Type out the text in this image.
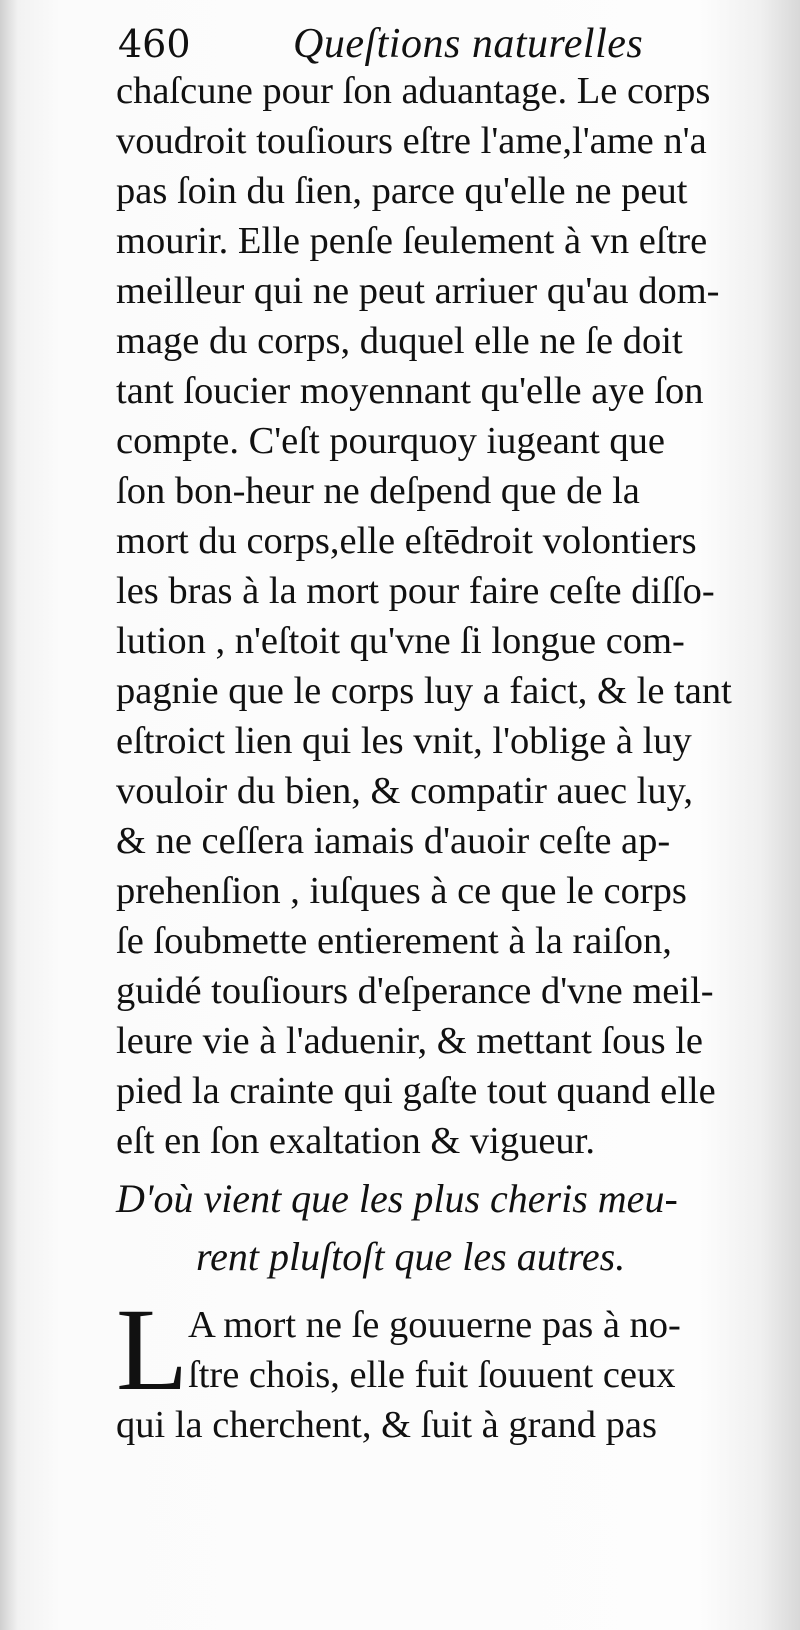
460 Queſtions naturelles
chaſcune pour ſon aduantage. Le corps
voudroit touſiours eſtre l'ame,l'ame n'a
pas ſoin du ſien, parce qu'elle ne peut
mourir. Elle penſe ſeulement à vn eſtre
meilleur qui ne peut arriuer qu'au dom-
mage du corps, duquel elle ne ſe doit
tant ſoucier moyennant qu'elle aye ſon
compte. C'eſt pourquoy iugeant que
ſon bon-heur ne deſpend que de la
mort du corps,elle eſtēdroit volontiers
les bras à la mort pour faire ceſte diſſo-
lution , n'eſtoit qu'vne ſi longue com-
pagnie que le corps luy a faict, & le tant
eſtroict lien qui les vnit, l'oblige à luy
vouloir du bien, & compatir auec luy,
& ne ceſſera iamais d'auoir ceſte ap-
prehenſion , iuſques à ce que le corps
ſe ſoubmette entierement à la raiſon,
guidé touſiours d'eſperance d'vne meil-
leure vie à l'aduenir, & mettant ſous le
pied la crainte qui gaſte tout quand elle
eſt en ſon exaltation & vigueur.
D'où vient que les plus cheris meu-
rent pluſtoſt que les autres.
L A mort ne ſe gouuerne pas à no-
ſtre chois, elle fuit ſouuent ceux
qui la cherchent, & ſuit à grand pas
